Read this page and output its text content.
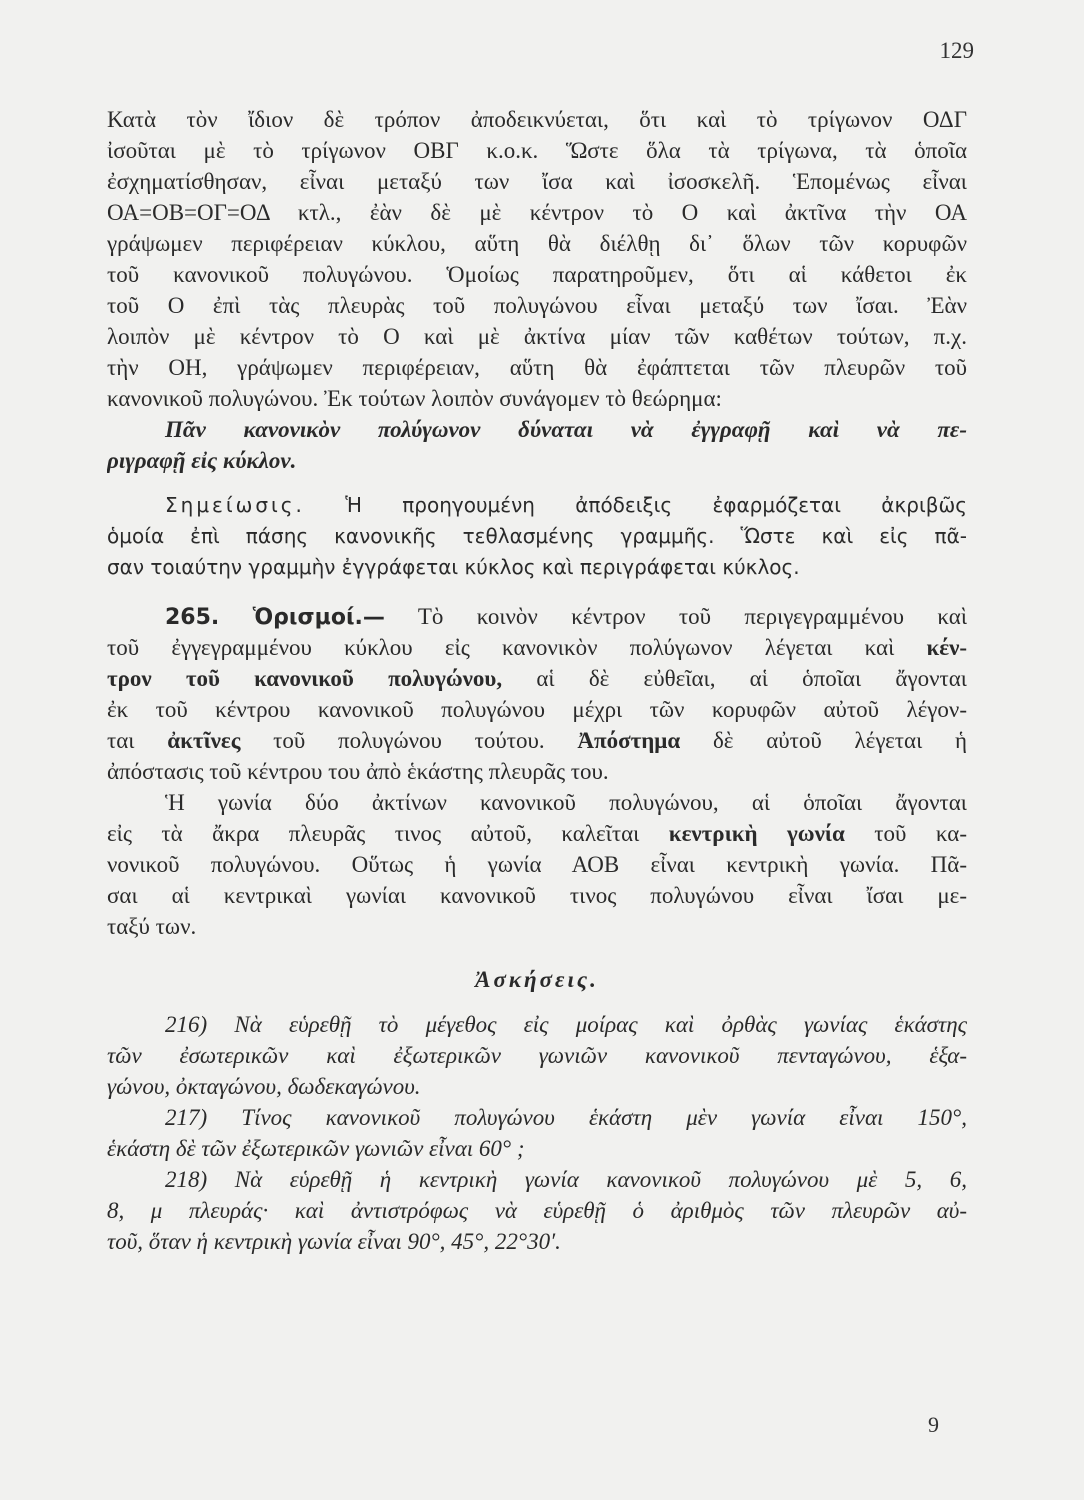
129
Κατὰ τὸν ἴδιον δὲ τρόπον ἀποδεικνύεται, ὅτι καὶ τὸ τρίγωνον ΟΔΓ
ἰσοῦται μὲ τὸ τρίγωνον ΟΒΓ κ.ο.κ. Ὥστε ὅλα τὰ τρίγωνα, τὰ ὁποῖα
ἐσχηματίσθησαν, εἶναι μεταξύ των ἴσα καὶ ἰσοσκελῆ. Ἑπομένως εἶναι
ΟΑ=ΟΒ=ΟΓ=ΟΔ κτλ., ἐὰν δὲ μὲ κέντρον τὸ Ο καὶ ἀκτῖνα τὴν ΟΑ
γράψωμεν περιφέρειαν κύκλου, αὕτη θὰ διέλθῃ δι᾽ ὅλων τῶν κορυφῶν
τοῦ κανονικοῦ πολυγώνου. Ὁμοίως παρατηροῦμεν, ὅτι αἱ κάθετοι ἐκ
τοῦ Ο ἐπὶ τὰς πλευρὰς τοῦ πολυγώνου εἶναι μεταξύ των ἴσαι. Ἐὰν
λοιπὸν μὲ κέντρον τὸ Ο καὶ μὲ ἀκτίνα μίαν τῶν καθέτων τούτων, π.χ.
τὴν ΟΗ, γράψωμεν περιφέρειαν, αὕτη θὰ ἐφάπτεται τῶν πλευρῶν τοῦ
κανονικοῦ πολυγώνου. Ἐκ τούτων λοιπὸν συνάγομεν τὸ θεώρημα:
Πᾶν κανονικὸν πολύγωνον δύναται νὰ ἐγγραφῇ καὶ νὰ πε-
ριγραφῇ εἰς κύκλον.
Σημείωσις. Ἡ προηγουμένη ἀπόδειξις ἐφαρμόζεται ἀκριβῶς
ὁμοία ἐπὶ πάσης κανονικῆς τεθλασμένης γραμμῆς. Ὥστε καὶ εἰς πᾶ-
σαν τοιαύτην γραμμὴν ἐγγράφεται κύκλος καὶ περιγράφεται κύκλος.
265. Ὁρισμοί.— Τὸ κοινὸν κέντρον τοῦ περιγεγραμμένου καὶ
τοῦ ἐγγεγραμμένου κύκλου εἰς κανονικὸν πολύγωνον λέγεται καὶ κέν-
τρον τοῦ κανονικοῦ πολυγώνου, αἱ δὲ εὐθεῖαι, αἱ ὁποῖαι ἄγονται
ἐκ τοῦ κέντρου κανονικοῦ πολυγώνου μέχρι τῶν κορυφῶν αὐτοῦ λέγον-
ται ἀκτῖνες τοῦ πολυγώνου τούτου. Ἀπόστημα δὲ αὐτοῦ λέγεται ἡ
ἀπόστασις τοῦ κέντρου του ἀπὸ ἑκάστης πλευρᾶς του.
Ἡ γωνία δύο ἀκτίνων κανονικοῦ πολυγώνου, αἱ ὁποῖαι ἄγονται
εἰς τὰ ἄκρα πλευρᾶς τινος αὐτοῦ, καλεῖται κεντρικὴ γωνία τοῦ κα-
νονικοῦ πολυγώνου. Οὕτως ἡ γωνία ΑΟΒ εἶναι κεντρικὴ γωνία. Πᾶ-
σαι αἱ κεντρικαὶ γωνίαι κανονικοῦ τινος πολυγώνου εἶναι ἴσαι με-
ταξύ των.
Ἀσκήσεις.
216) Νὰ εὑρεθῇ τὸ μέγεθος εἰς μοίρας καὶ ὀρθὰς γωνίας ἑκάστης
τῶν ἐσωτερικῶν καὶ ἐξωτερικῶν γωνιῶν κανονικοῦ πενταγώνου, ἑξα-
γώνου, ὀκταγώνου, δωδεκαγώνου.
217) Τίνος κανονικοῦ πολυγώνου ἑκάστη μὲν γωνία εἶναι 150°,
ἑκάστη δὲ τῶν ἐξωτερικῶν γωνιῶν εἶναι 60° ;
218) Νὰ εὑρεθῇ ἡ κεντρικὴ γωνία κανονικοῦ πολυγώνου μὲ 5, 6,
8, μ πλευράς· καὶ ἀντιστρόφως νὰ εὑρεθῇ ὁ ἀριθμὸς τῶν πλευρῶν αὐ-
τοῦ, ὅταν ἡ κεντρικὴ γωνία εἶναι 90°, 45°, 22°30′.
9
